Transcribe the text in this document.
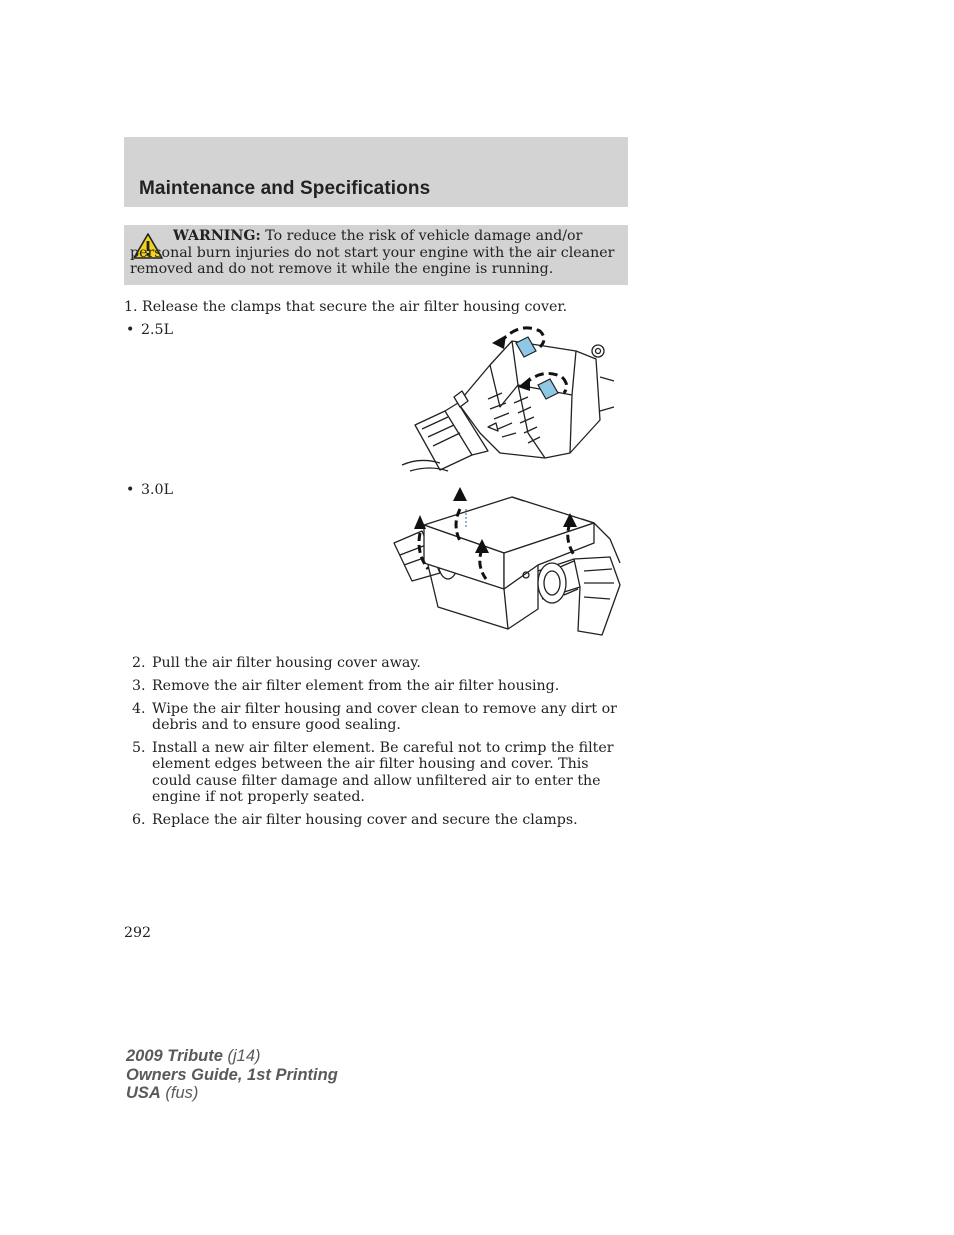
Maintenance and Specifications
WARNING: To reduce the risk of vehicle damage and/or personal burn injuries do not start your engine with the air cleaner removed and do not remove it while the engine is running.
1. Release the clamps that secure the air filter housing cover.
• 2.5L
• 3.0L
2. Pull the air filter housing cover away.
3. Remove the air filter element from the air filter housing.
4. Wipe the air filter housing and cover clean to remove any dirt or debris and to ensure good sealing.
5. Install a new air filter element. Be careful not to crimp the filter element edges between the air filter housing and cover. This could cause filter damage and allow unfiltered air to enter the engine if not properly seated.
6. Replace the air filter housing cover and secure the clamps.
292
2009 Tribute (j14)
Owners Guide, 1st Printing
USA (fus)
